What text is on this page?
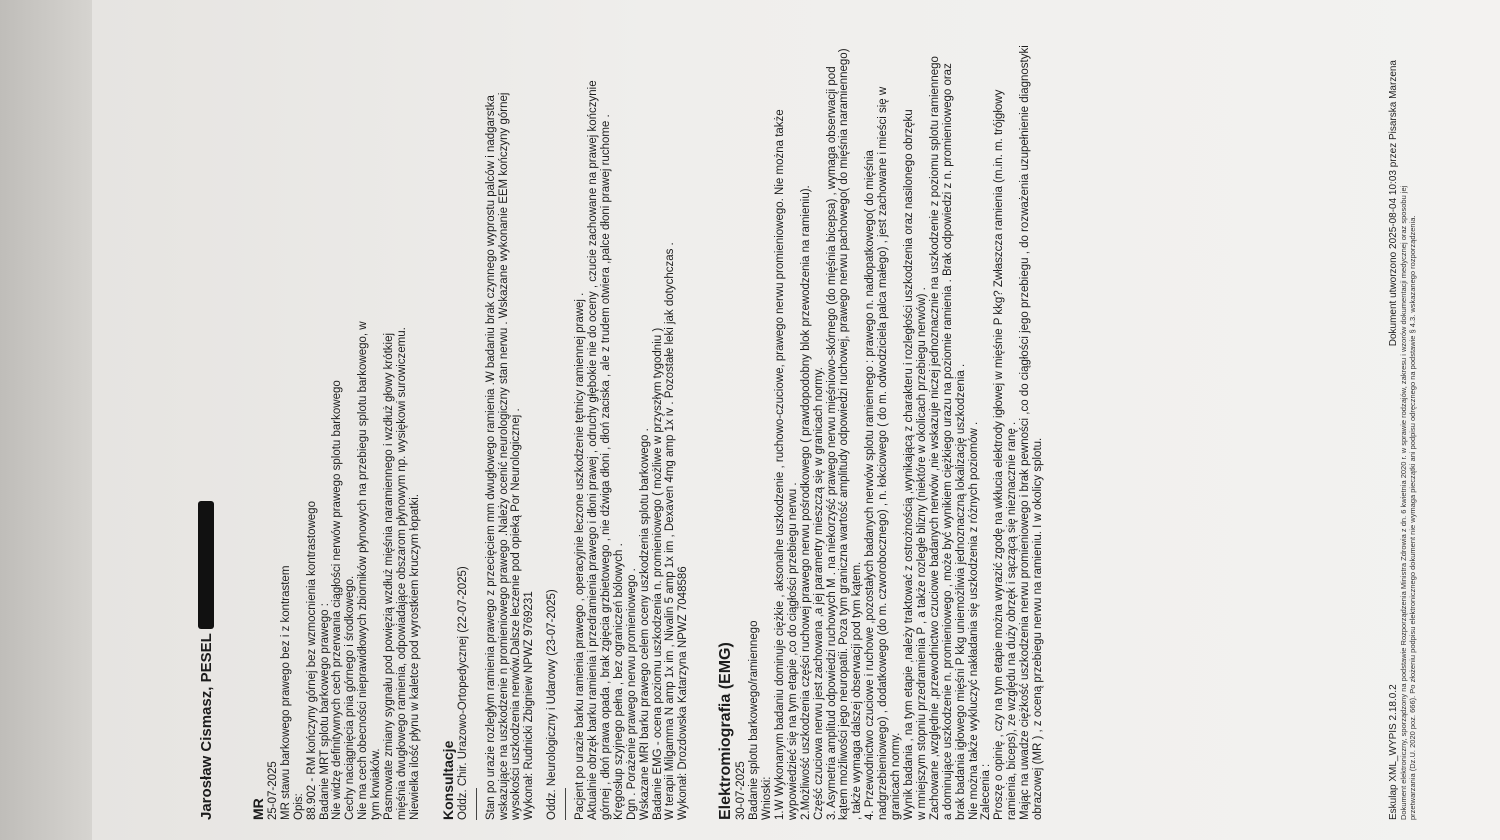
Jarosław Cismasz, PESEL	MR 25-07-2025 MR stawu barkowego prawego bez i z kontrastem Opis: 88.902 - RM kończyny górnej bez wzmocnienia kontrastowego Badanie MRT splotu barkowego prawego : Nie widzę definitywnych cech przerwania ciągłości nerwów prawego splotu barkowego Cechy naciągnięcia pnia górnego i środkowego. Nie ma cech obecności nieprawidłowych zbiorników płynowych na przebiegu splotu barkowego, w tym krwiaków. Pasmowate zmiany sygnału pod powięzią wzdłuż mięśnia naramiennego i wzdłuż głowy krótkiej mięśnia dwugłowego ramienia, odpowiadające obszarom płynowym np. wysiękowi surowiczemu. Niewielka ilość płynu w kaletce pod wyrostkiem kruczym łopatki. Konsultacje Oddz. Chir. Urazowo-Ortopedycznej (22-07-2025) Stan po urazie rozległym ramienia prawego z przecięciem mm dwugłowego ramienia .W badaniu brak czynnego wyprostu palców i nadgarstka wskazujące na uszkodzenie n promieniowego prawego .Należy ocenić neurologiczny stan nerwu . Wskazane wykonanie EEM kończyny górnej wysokości uszkodzenia nerwów.Dalsze leczenie pod opieką Por Neurologicznej . Wykonał: Rudnicki Zbigniew NPWZ 9769231 Oddz. Neurologiczny i Udarowy (23-07-2025) Pacjent po urazie barku ramienia prawego , operacyjnie leczone uszkodzenie tętnicy ramiennej prawej . Aktualnie obrzęk barku ramienia i przedramienia prawego i dłoni prawej , odruchy głębokie nie do oceny , czucie zachowane na prawej kończynie górnej , dłoń prawa opada , brak zgięcia grzbietowego , nie dźwiga dłoni , dłoń zaciska , ale z trudem otwiera ,palce dłoni prawej ruchome . Kręgosłup szyjnego pełna , bez ograniczeń bólowych . Dgn . Porażenie prawego nerwu promieniowego . Wskazane MRI barku prawego celem oceny uszkodzenia splotu barkowego . Badanie EMG - ocena poziomu uszkodzenia n. promieniowego ( możliwe w przyszłym tygodniu ) W terapii Milgamma N amp 1x im , Nivalin 5 amp 1x im , Dexaven 4mg amp 1x iv . Pozostałe leki jak dotychczas . Wykonał: Drozdowska Katarzyna NPWZ 7048586 Elektromiografia (EMG) 30-07-2025 Badanie splotu barkowego/ramiennego Wnioski: 1.W Wykonanym badaniu dominuje ciężkie , aksonalne uszkodzenie , ruchowo-czuciowe, prawego nerwu promieniowego. Nie można także wypowiedzieć się na tym etapie ,co do ciągłości przebiegu nerwu . 2.Możliwość uszkodzenia części ruchowej prawego nerwu pośrodkowego ( prawdopodobny blok przewodzenia na ramieniu). Część czuciowa nerwu jest zachowana ,a jej parametry mieszczą się w granicach normy. 3. Asymetria amplitud odpowiedzi ruchowych M . na niekorzyść prawego nerwu mięśniowo-skórnego (do mięśnia bicepsa) , wymaga obserwacji pod kątem możliwości jego neuropatii. Poza tym graniczna wartość amplitudy odpowiedzi ruchowej, prawego nerwu pachowego( do mięśnia naramiennego) , także wymaga dalszej obserwacji pod tym kątem. 4. Przewodnictwo czuciowe i ruchowe ,pozostałych badanych nerwów splotu ramiennego : prawego n. nadłopatkowego( do mięśnia nadgrzebieniowego) , dodatkowego (do m. czworobocznego) , n. łokciowego ( do m. odwodziciela palca małego) , jest zachowane i mieści się w granicach normy. Wynik badania , na tym etapie ,należy traktować z ostrożnością ,wynikającą z charakteru i rozległości uszkodzenia oraz nasilonego obrzęku w mniejszym stopniu przedramienia P , a także rozległe blizny (niektóre w okolicach przebiegu nerwów) . Zachowane ,względnie ,przewodnictwo czuciowe badanych nerwów ,nie wskazuje niczej jednoznacznie na uszkodzenie z poziomu splotu ramiennego a dominujące uszkodzenie n. promieniowego , może być wynikiem ciężkiego urazu na poziomie ramienia . Brak odpowiedzi z n. promieniowego oraz brak badania igłowego mięśni P kkg uniemożliwia jednoznaczną lokalizację uszkodzenia . Nie można także wykluczyć nakładania się uszkodzenia z różnych poziomów . Zalecenia : Proszę o opinię , czy na tym etapie można wyrazić zgodę na wkłucia elektrody igłowej w mięśnie P kkg? Zwłaszcza ramienia (m.in. m. trójgłowy ramienia, biceps), ze względu na duży obrzęk i sączącą się nieznacznie ranę . Mając na uwadze ciężkość uszkodzenia nerwu promieniowego i brak pewności ,co do ciągłości jego przebiegu , do rozważenia uzupełnienie diagnostyki obrazowej (MR ) , z oceną przebiegu nerwu na ramieniu. I w okolicy splotu.	Eskulap XML_WYPIS 2.18.0.2
Dokument utworzono 2025-08-04 10:03 przez Pisarska Marzena Dokument elektroniczny, sporządzony na podstawie Rozporządzenia Ministra Zdrowia z dn. 6 kwietnia 2020 r. w sprawie rodzajów, zakresu i wzorów dokumentacji medycznej oraz sposobu jej przetwarzania (Dz.U. 2020 poz. 666). Po złożeniu podpisu elektronicznego dokument nie wymaga pieczątki ani podpisu odręcznego na podstawie § 4.3. wskazanego rozporządzenia.
